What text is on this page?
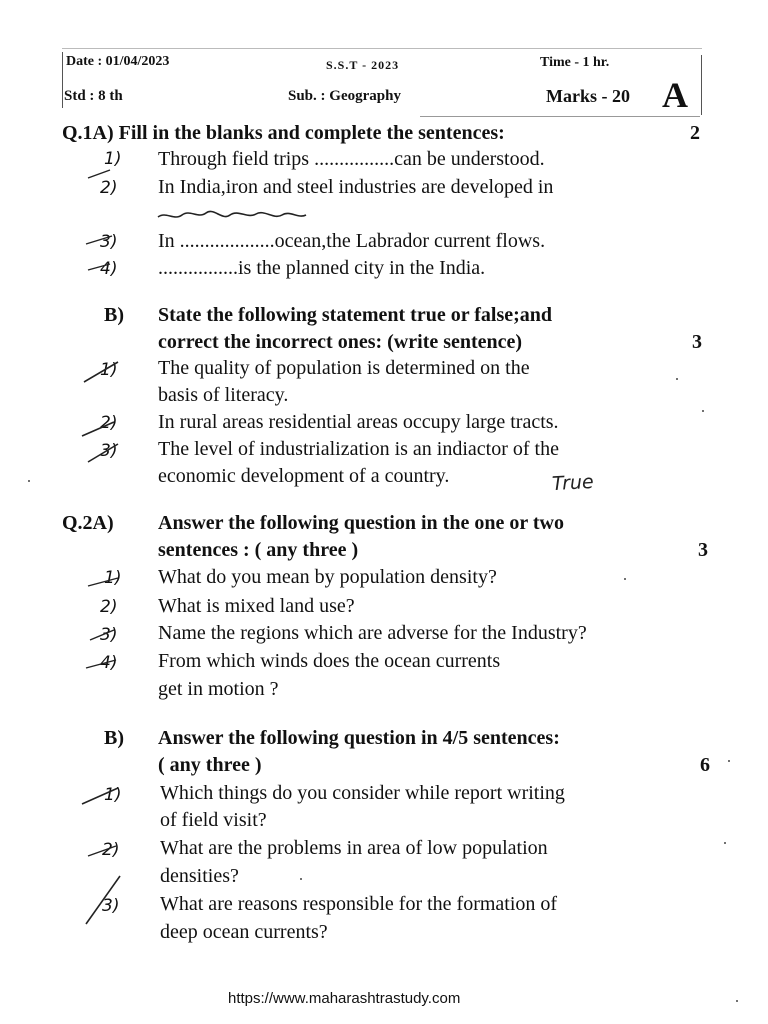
Date : 01/04/2023	S.S.T - 2023	Time - 1 hr.
Std : 8 th	Sub. : Geography	Marks - 20 A
Q.1A) Fill in the blanks and complete the sentences:	2
1) Through field trips ................can be understood.
2) In India,iron and steel industries are developed in
3) In ...................ocean,the Labrador current flows.
4) ................is the planned city in the India.
B) State the following statement true or false;and
correct the incorrect ones: (write sentence)	3
1) The quality of population is determined on the
basis of literacy.
2) In rural areas residential areas occupy large tracts.
3) The level of industrialization is an indiactor of the
economic development of a country.	True
Q.2A) Answer the following question in the one or two
sentences : ( any three )	3
1) What do you mean by population density?
2) What is mixed land use?
3) Name the regions which are adverse for the Industry?
4) From which winds does the ocean currents
get in motion ?
B) Answer the following question in 4/5 sentences:
( any three )	6
1) Which things do you consider while report writing
of field visit?
2) What are the problems in area of low population
densities?
3) What are reasons responsible for the formation of
deep ocean currents?
https://www.maharashtrastudy.com
